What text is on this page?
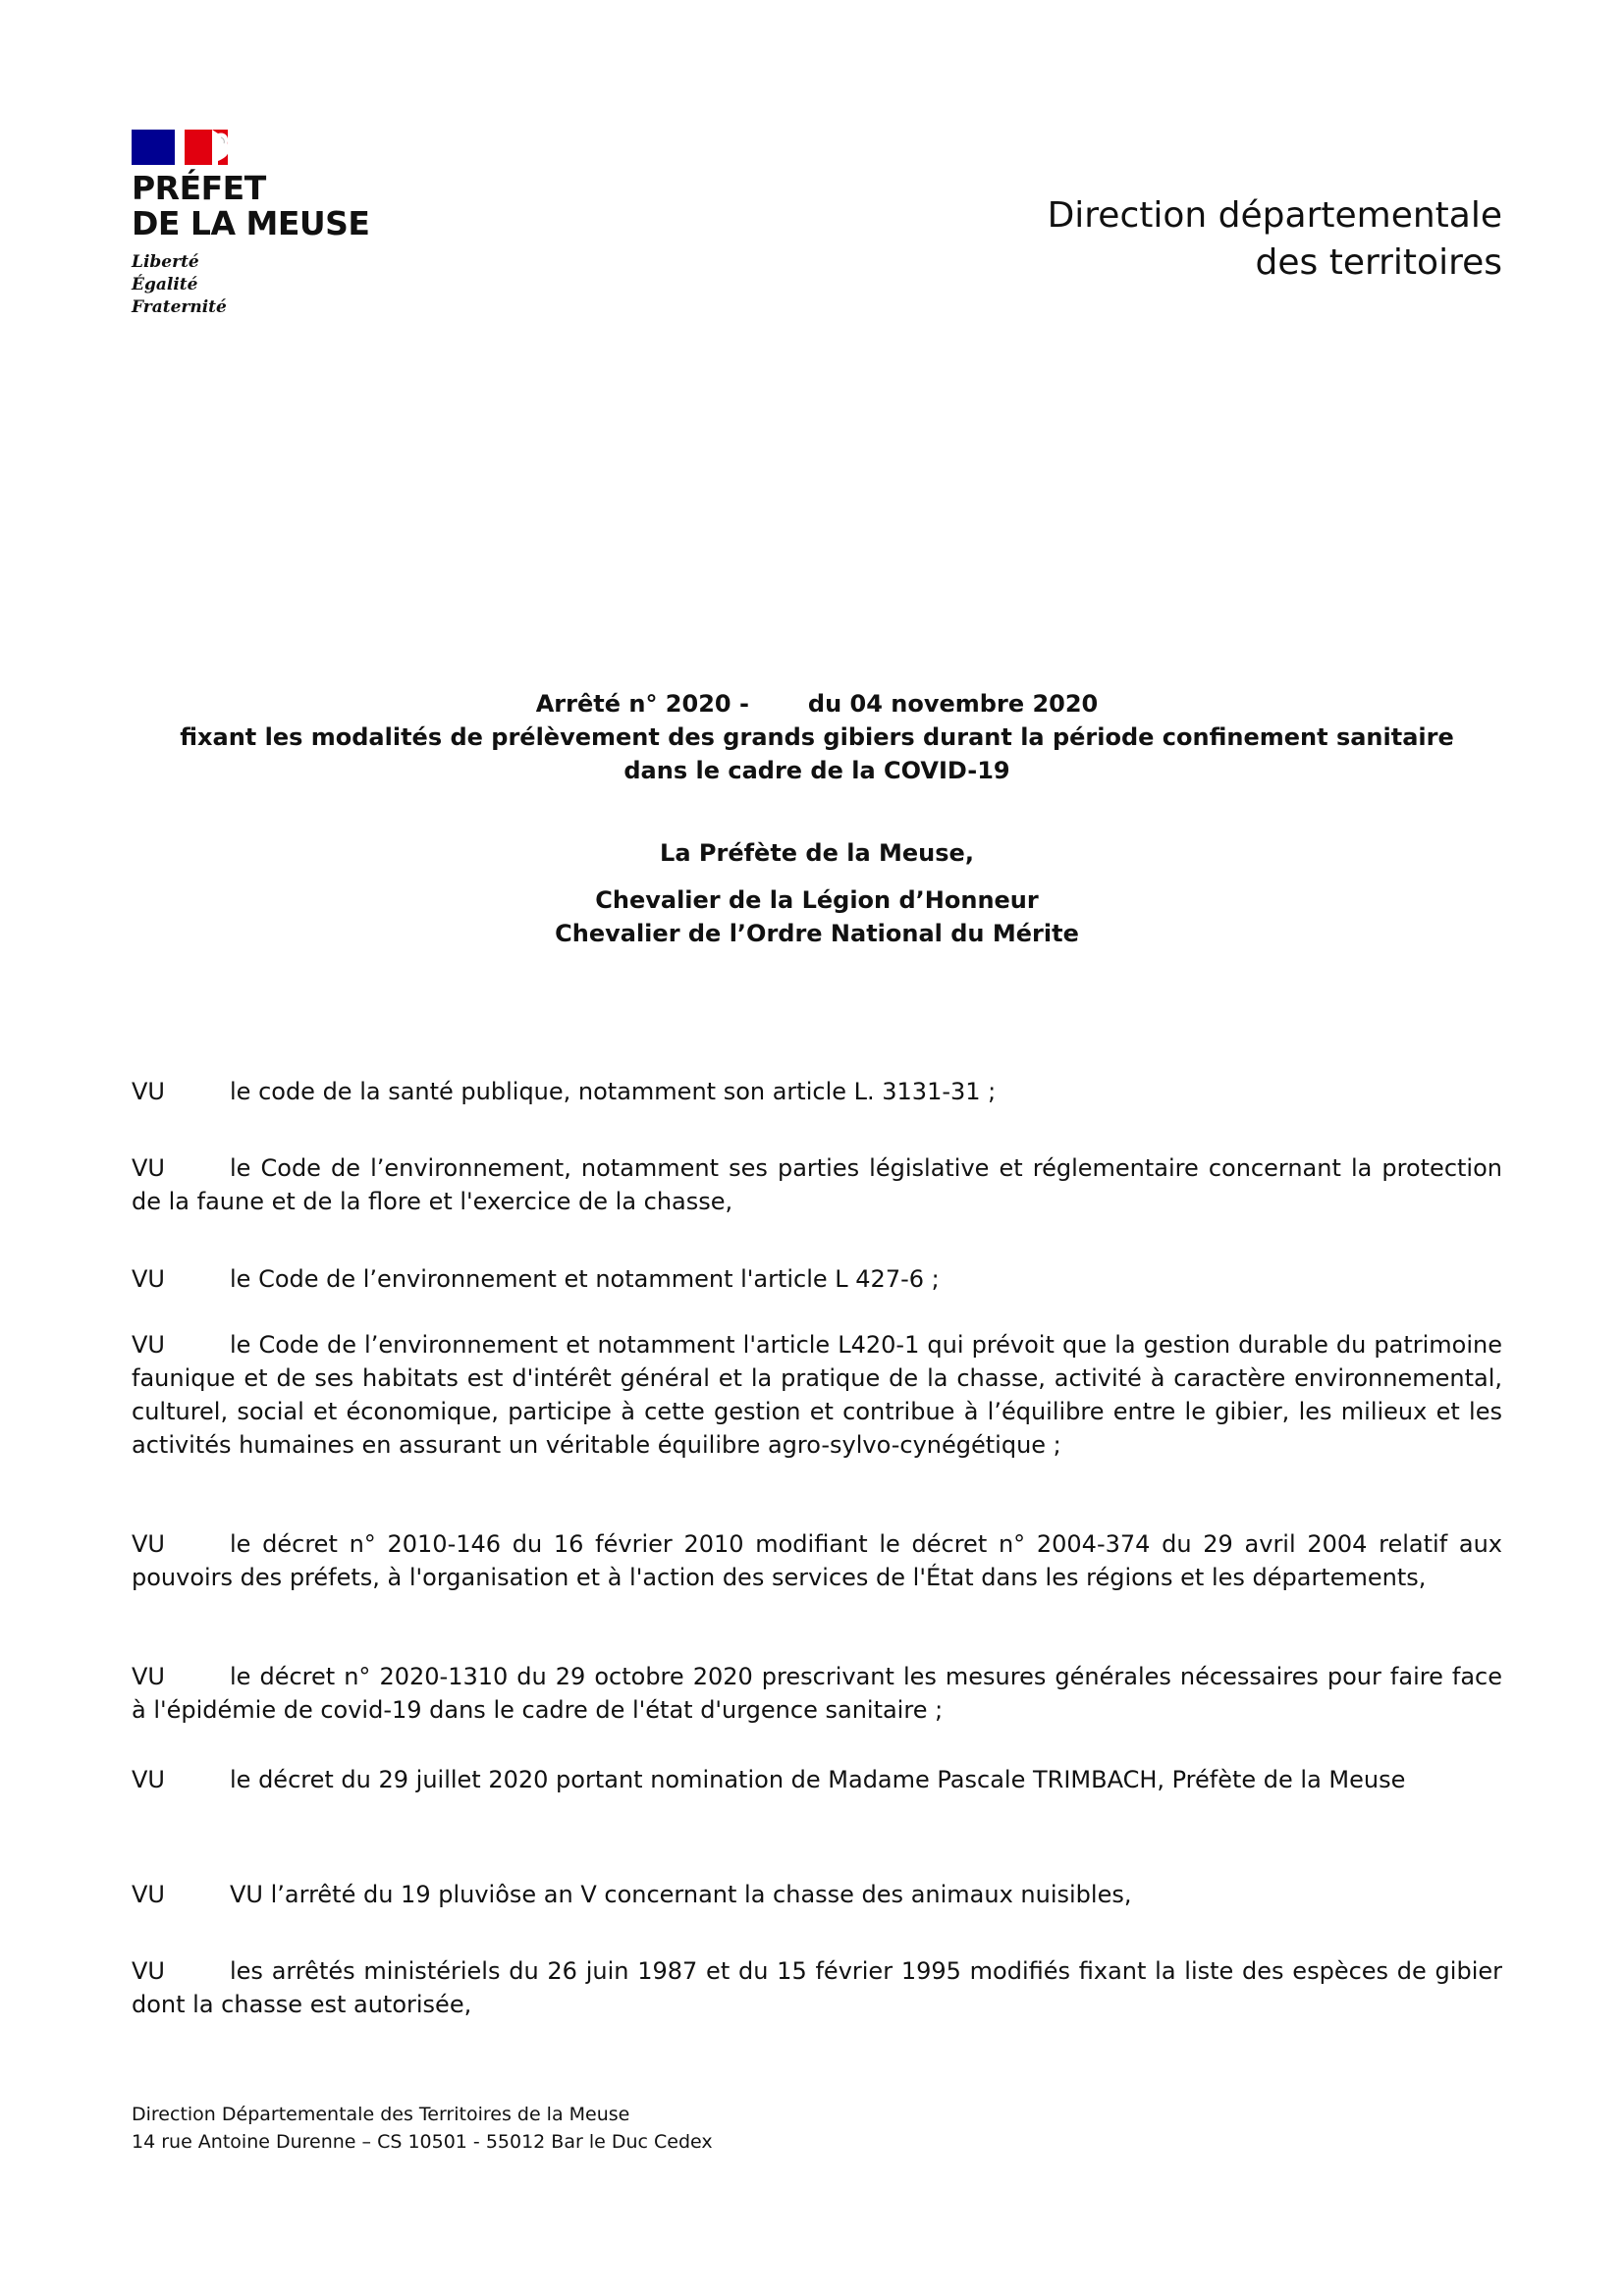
PRÉFET
DE LA MEUSE
Liberté
Égalité
Fraternité
Direction départementale
des territoires
Arrêté n° 2020 -	du 04 novembre 2020
fixant les modalités de prélèvement des grands gibiers durant la période confinement sanitaire
dans le cadre de la COVID-19
La Préfète de la Meuse,
Chevalier de la Légion d’Honneur
Chevalier de l’Ordre National du Mérite
VU	le code de la santé publique, notamment son article L. 3131-31 ;
VU	le Code de l’environnement, notamment ses parties législative et réglementaire concernant la protection de la faune et de la flore et l'exercice de la chasse,
VU	le Code de l’environnement et notamment l'article L 427-6 ;
VU	le Code de l’environnement et notamment l'article L420-1 qui prévoit que la gestion durable du patrimoine faunique et de ses habitats est d'intérêt général et la pratique de la chasse, activité à caractère environnemental, culturel, social et économique, participe à cette gestion et contribue à l’équilibre entre le gibier, les milieux et les activités humaines en assurant un véritable équilibre agro-sylvo-cynégétique ;
VU	le décret n° 2010-146 du 16 février 2010 modifiant le décret n° 2004-374 du 29 avril 2004 relatif aux pouvoirs des préfets, à l'organisation et à l'action des services de l'État dans les régions et les départements,
VU	le décret n° 2020-1310 du 29 octobre 2020 prescrivant les mesures générales nécessaires pour faire face à l'épidémie de covid-19 dans le cadre de l'état d'urgence sanitaire ;
VU	le décret du 29 juillet 2020 portant nomination de Madame Pascale TRIMBACH, Préfète de la Meuse
VU	VU l’arrêté du 19 pluviôse an V concernant la chasse des animaux nuisibles,
VU	les arrêtés ministériels du 26 juin 1987 et du 15 février 1995 modifiés fixant la liste des espèces de gibier dont la chasse est autorisée,
Direction Départementale des Territoires de la Meuse
14 rue Antoine Durenne – CS 10501 - 55012 Bar le Duc Cedex
